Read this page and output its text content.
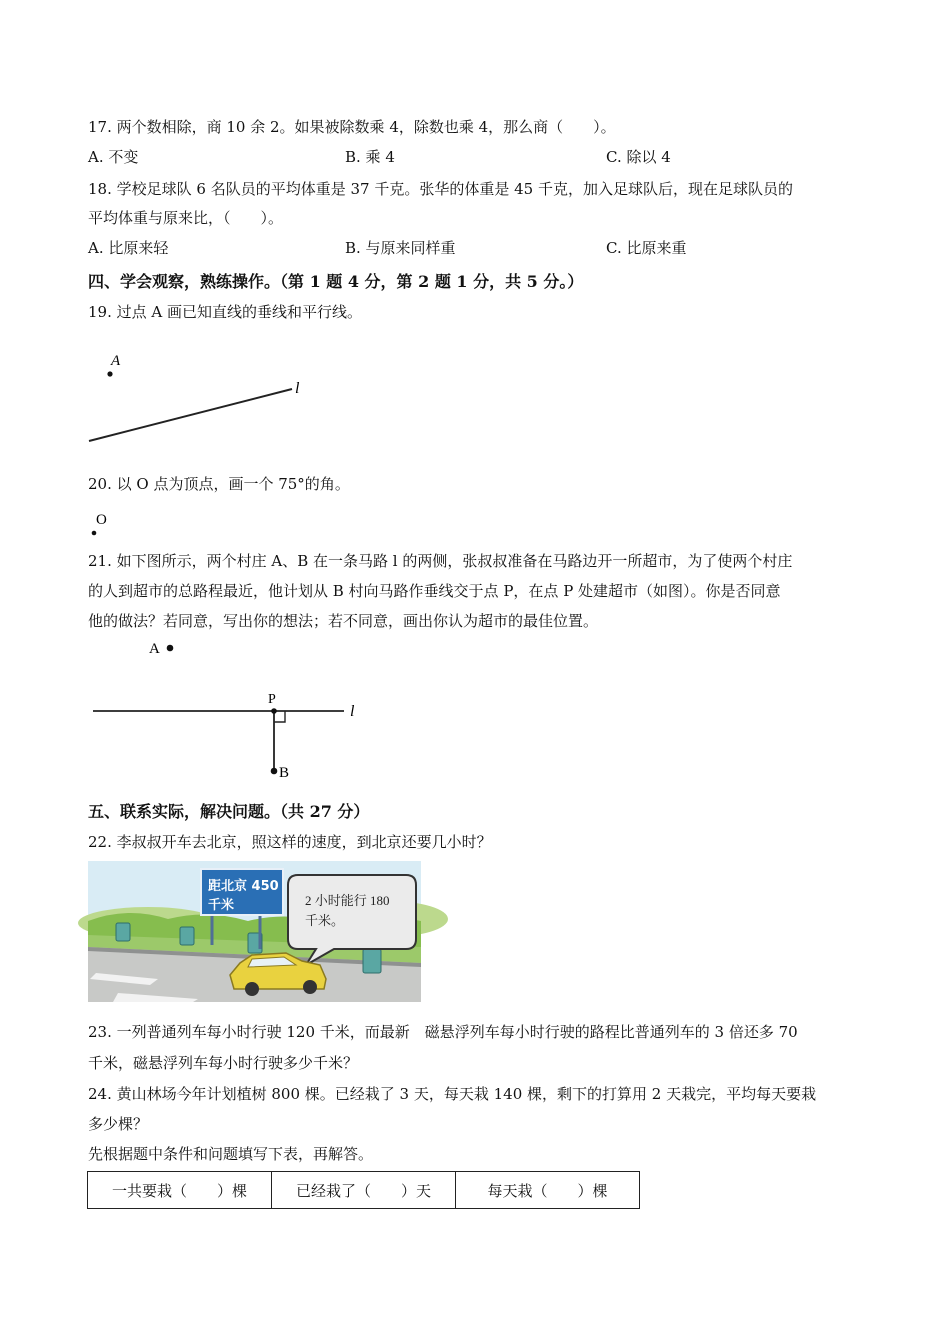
17. 两个数相除，商 10 余 2。如果被除数乘 4，除数也乘 4，那么商（　　）。
A. 不变	B. 乘 4	C. 除以 4
18. 学校足球队 6 名队员的平均体重是 37 千克。张华的体重是 45 千克，加入足球队后，现在足球队员的
平均体重与原来比，（　　）。
A. 比原来轻	B. 与原来同样重	C. 比原来重
四、学会观察，熟练操作。（第 1 题 4 分，第 2 题 1 分，共 5 分。）
19. 过点 A 画已知直线的垂线和平行线。
A
l
20. 以 O 点为顶点，画一个 75°的角。
O
21. 如下图所示，两个村庄 A、B 在一条马路 l 的两侧，张叔叔准备在马路边开一所超市，为了使两个村庄
的人到超市的总路程最近，他计划从 B 村向马路作垂线交于点 P，在点 P 处建超市（如图）。你是否同意
他的做法？若同意，写出你的想法；若不同意，画出你认为超市的最佳位置。
A
P
l
B
五、联系实际，解决问题。（共 27 分）
22. 李叔叔开车去北京，照这样的速度，到北京还要几小时？
距北京 450
千米	2 小时能行 180
千米。
23. 一列普通列车每小时行驶 120 千米，而最新　磁悬浮列车每小时行驶的路程比普通列车的 3 倍还多 70
千米，磁悬浮列车每小时行驶多少千米？
24. 黄山林场今年计划植树 800 棵。已经栽了 3 天，每天栽 140 棵，剩下的打算用 2 天栽完，平均每天要栽
多少棵？
先根据题中条件和问题填写下表，再解答。
一共要栽（　　）棵	已经栽了（　　）天	每天栽（　　）棵
